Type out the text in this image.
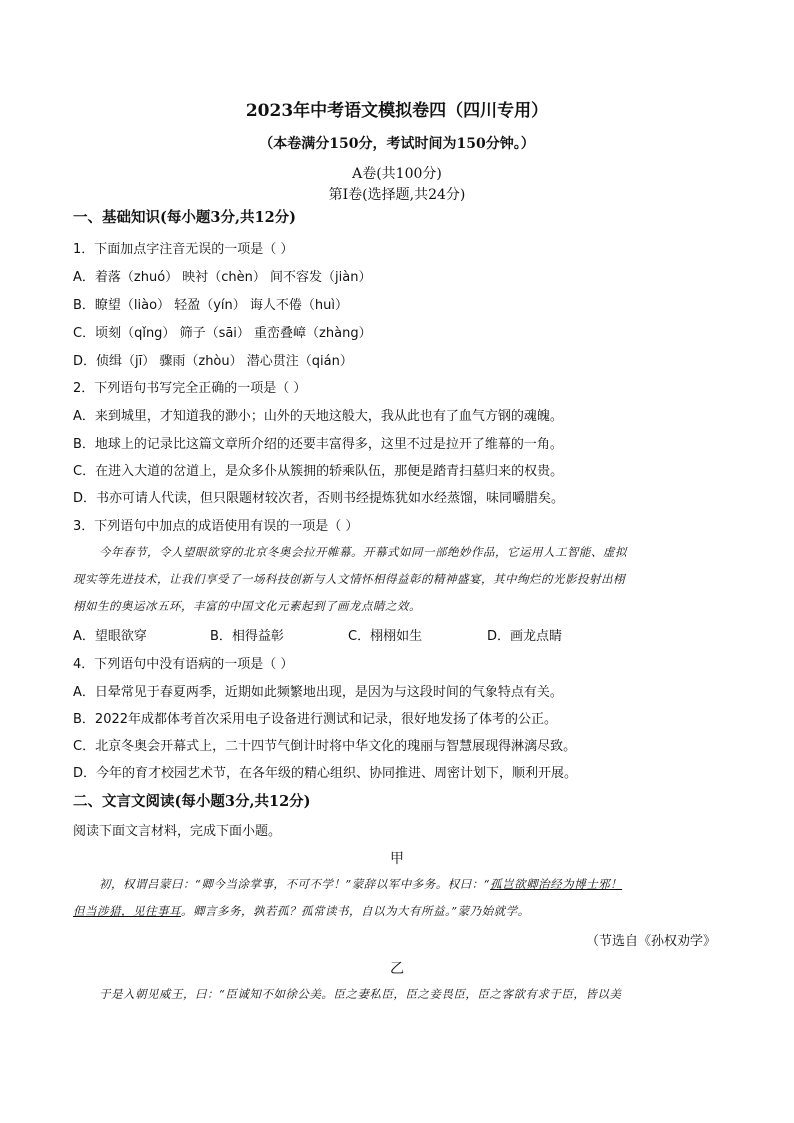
2023年中考语文模拟卷四（四川专用）
（本卷满分150分，考试时间为150分钟。）
A卷(共100分)
第Ⅰ卷(选择题,共24分)
一、基础知识(每小题3分,共12分)
1．下面加点字注音无误的一项是（ ）
A．着落（zhuó） 映衬（chèn） 间不容发（jiàn）
B．瞭望（liào） 轻盈（yín） 诲人不倦（huì）
C．顷刻（qǐng） 筛子（sāi） 重峦叠嶂（zhàng）
D．侦缉（jī） 骤雨（zhòu） 潜心贯注（qián）
2．下列语句书写完全正确的一项是（ ）
A．来到城里，才知道我的渺小；山外的天地这般大，我从此也有了血气方钢的魂魄。
B．地球上的记录比这篇文章所介绍的还要丰富得多，这里不过是拉开了维幕的一角。
C．在进入大道的岔道上，是众多仆从簇拥的轿乘队伍，那便是踏青扫墓归来的权贵。
D．书亦可请人代读，但只限题材较次者，否则书经提炼犹如水经蒸馏，味同嚼腊矣。
3．下列语句中加点的成语使用有误的一项是（ ）
今年春节，令人望眼欲穿的北京冬奥会拉开帷幕。开幕式如同一部绝妙作品，它运用人工智能、虚拟
现实等先进技术，让我们享受了一场科技创新与人文情怀相得益彰的精神盛宴，其中绚烂的光影投射出栩
栩如生的奥运冰五环，丰富的中国文化元素起到了画龙点睛之效。
A．望眼欲穿	B．相得益彰	C．栩栩如生	D．画龙点睛
4．下列语句中没有语病的一项是（ ）
A．日晕常见于春夏两季，近期如此频繁地出现，是因为与这段时间的气象特点有关。
B．2022年成都体考首次采用电子设备进行测试和记录，很好地发扬了体考的公正。
C．北京冬奥会开幕式上，二十四节气倒计时将中华文化的瑰丽与智慧展现得淋漓尽致。
D．今年的育才校园艺术节，在各年级的精心组织、协同推进、周密计划下，顺利开展。
二、文言文阅读(每小题3分,共12分)
阅读下面文言材料，完成下面小题。
甲
初，权谓吕蒙曰：“卿今当涂掌事，不可不学！”蒙辞以军中多务。权曰：“孤岂欲卿治经为博士邪！
但当涉猎，见往事耳。卿言多务，孰若孤？孤常读书，自以为大有所益。”蒙乃始就学。
（节选自《孙权劝学》
乙
于是入朝见威王，曰：“臣诚知不如徐公美。臣之妻私臣，臣之妾畏臣，臣之客欲有求于臣，皆以美
